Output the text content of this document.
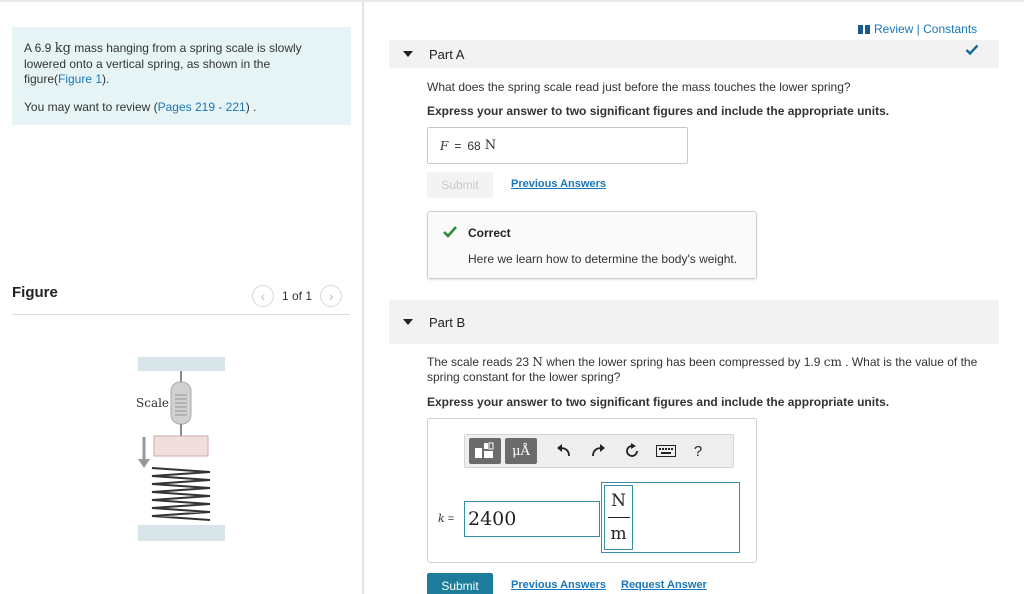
A 6.9 kg mass hanging from a spring scale is slowly lowered onto a vertical spring, as shown in the figure(Figure 1).
You may want to review (Pages 219 - 221) .
Figure	‹ 1 of 1 ›
Scale
Review | Constants
Part A
What does the spring scale read just before the mass touches the lower spring?
Express your answer to two significant figures and include the appropriate units.
F = 68 N
Submit	Previous Answers
Correct
Here we learn how to determine the body's weight.
Part B
The scale reads 23 N when the lower spring has been compressed by 1.9 cm . What is the value of the
spring constant for the lower spring?
Express your answer to two significant figures and include the appropriate units.
μÅ	?
k = 2400
N
m
Submit	Previous Answers Request Answer
